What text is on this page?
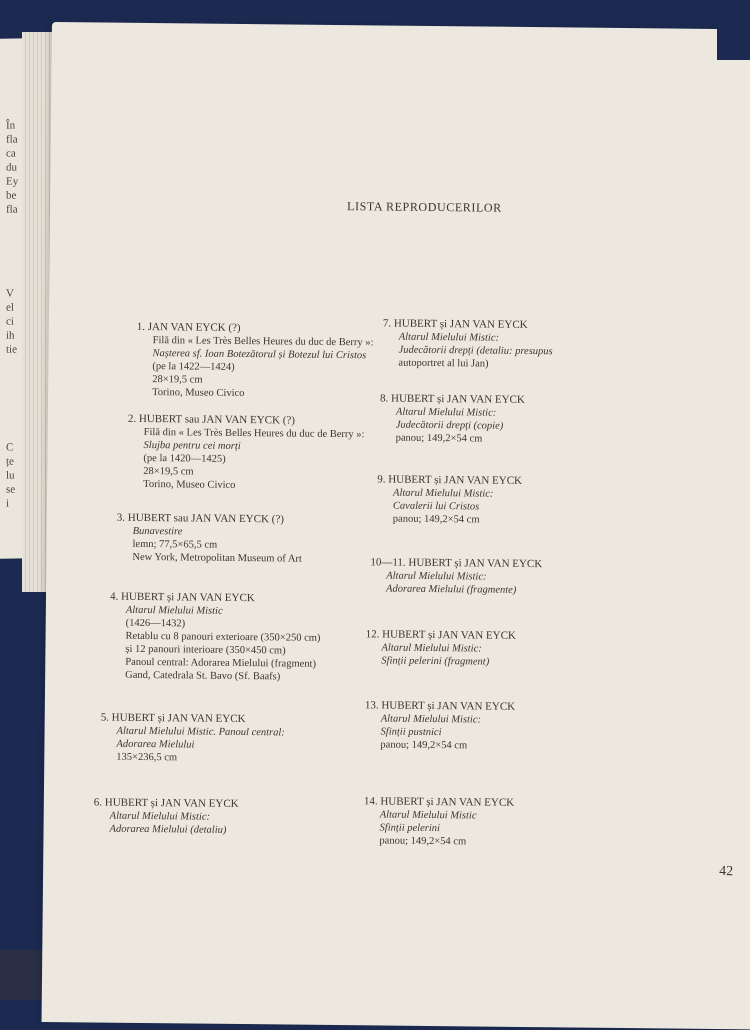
În
fla
ca
du
Ey
be
fla
V
el
ci
ih
tie
C
țe
lu
se
i
LISTA REPRODUCERILOR
1. JAN VAN EYCK (?)
Filă din « Les Très Belles Heures du duc de Berry »:
Nașterea sf. Ioan Botezătorul și Botezul lui Cristos
(pe la 1422—1424)
28×19,5 cm
Torino, Museo Civico
2. HUBERT sau JAN VAN EYCK (?)
Filă din « Les Très Belles Heures du duc de Berry »:
Slujba pentru cei morți
(pe la 1420—1425)
28×19,5 cm
Torino, Museo Civico
3. HUBERT sau JAN VAN EYCK (?)
Bunavestire
lemn; 77,5×65,5 cm
New York, Metropolitan Museum of Art
4. HUBERT și JAN VAN EYCK
Altarul Mielului Mistic
(1426—1432)
Retablu cu 8 panouri exterioare (350×250 cm)
și 12 panouri interioare (350×450 cm)
Panoul central: Adorarea Mielului (fragment)
Gand, Catedrala St. Bavo (Sf. Baafs)
5. HUBERT și JAN VAN EYCK
Altarul Mielului Mistic. Panoul central:
Adorarea Mielului
135×236,5 cm
6. HUBERT și JAN VAN EYCK
Altarul Mielului Mistic:
Adorarea Mielului (detaliu)
7. HUBERT și JAN VAN EYCK
Altarul Mielului Mistic:
Judecătorii drepți (detaliu: presupus
autoportret al lui Jan)
8. HUBERT și JAN VAN EYCK
Altarul Mielului Mistic:
Judecătorii drepți (copie)
panou; 149,2×54 cm
9. HUBERT și JAN VAN EYCK
Altarul Mielului Mistic:
Cavalerii lui Cristos
panou; 149,2×54 cm
10—11. HUBERT și JAN VAN EYCK
Altarul Mielului Mistic:
Adorarea Mielului (fragmente)
12. HUBERT și JAN VAN EYCK
Altarul Mielului Mistic:
Sfinții pelerini (fragment)
13. HUBERT și JAN VAN EYCK
Altarul Mielului Mistic:
Sfinții pustnici
panou; 149,2×54 cm
14. HUBERT și JAN VAN EYCK
Altarul Mielului Mistic
Sfinții pelerini
panou; 149,2×54 cm
42
